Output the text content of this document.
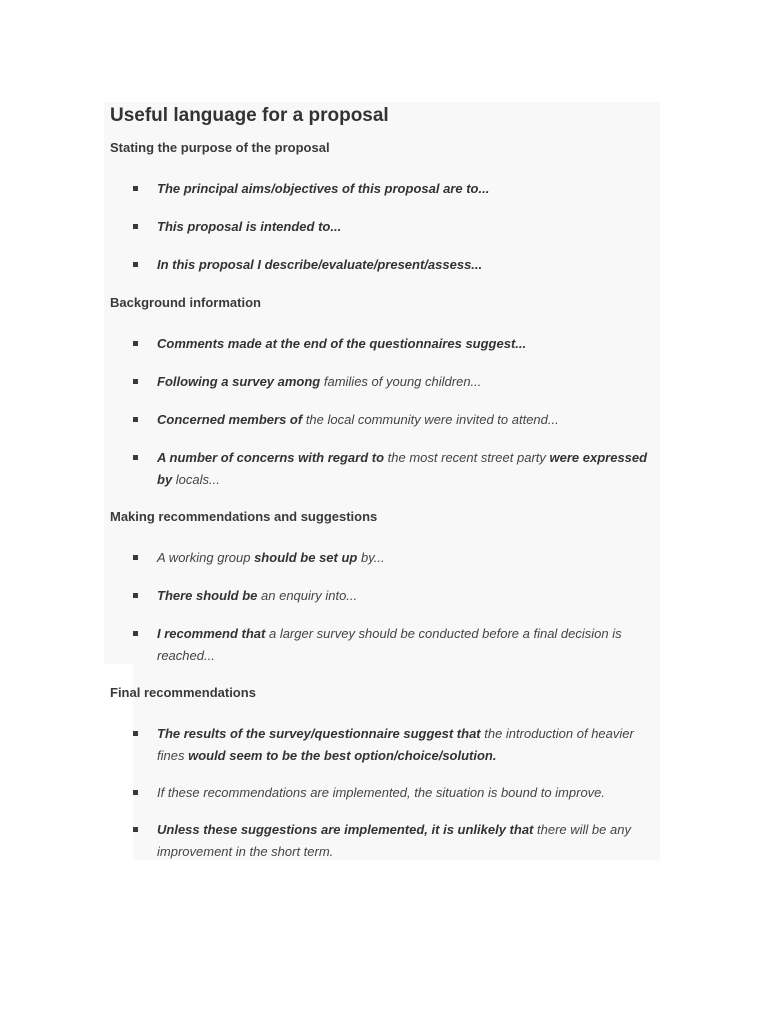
Useful language for a proposal
Stating the purpose of the proposal
The principal aims/objectives of this proposal are to...
This proposal is intended to...
In this proposal I describe/evaluate/present/assess...
Background information
Comments made at the end of the questionnaires suggest...
Following a survey among families of young children...
Concerned members of the local community were invited to attend...
A number of concerns with regard to the most recent street party were expressed by locals...
Making recommendations and suggestions
A working group should be set up by...
There should be an enquiry into...
I recommend that a larger survey should be conducted before a final decision is reached...
Final recommendations
The results of the survey/questionnaire suggest that the introduction of heavier fines would seem to be the best option/choice/solution.
If these recommendations are implemented, the situation is bound to improve.
Unless these suggestions are implemented, it is unlikely that there will be any improvement in the short term.
